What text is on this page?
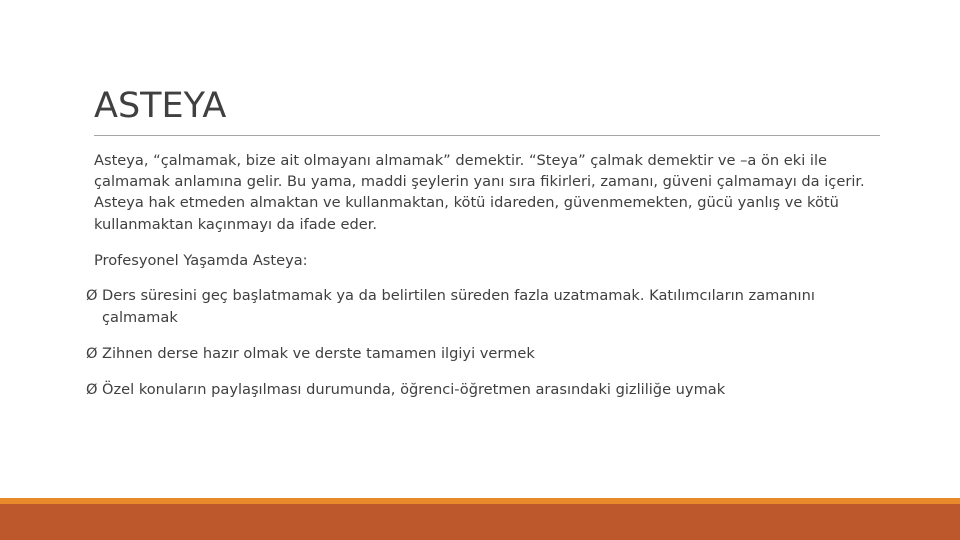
ASTEYA

Asteya, “çalmamak, bize ait olmayanı almamak” demektir. “Steya” çalmak demektir ve –a ön eki ile çalmamak anlamına gelir. Bu yama, maddi şeylerin yanı sıra fikirleri, zamanı, güveni çalmamayı da içerir. Asteya hak etmeden almaktan ve kullanmaktan, kötü idareden, güvenmemekten, gücü yanlış ve kötü kullanmaktan kaçınmayı da ifade eder.

Profesyonel Yaşamda Asteya:

Ø Ders süresini geç başlatmamak ya da belirtilen süreden fazla uzatmamak. Katılımcıların zamanını çalmamak
Ø Zihnen derse hazır olmak ve derste tamamen ilgiyi vermek
Ø Özel konuların paylaşılması durumunda, öğrenci-öğretmen arasındaki gizliliğe uymak
